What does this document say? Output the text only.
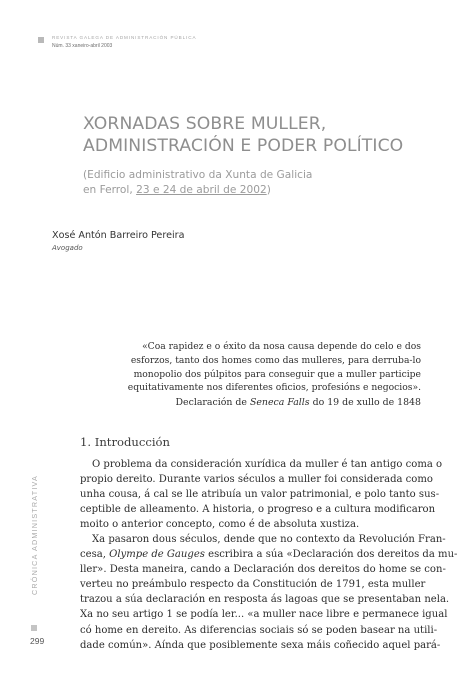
REVISTA GALEGA DE ADMINISTRACIÓN PÚBLICA
Núm. 33 xaneiro-abril 2003
XORNADAS SOBRE MULLER,
ADMINISTRACIÓN E PODER POLÍTICO
(Edificio administrativo da Xunta de Galicia
en Ferrol, 23 e 24 de abril de 2002)
Xosé Antón Barreiro Pereira
Avogado
«Coa rapidez e o éxito da nosa causa depende do celo e dos
esforzos, tanto dos homes como das mulleres, para derruba-lo
monopolio dos púlpitos para conseguir que a muller participe
equitativamente nos diferentes oficios, profesións e negocios».
Declaración de Seneca Falls do 19 de xullo de 1848
1. Introducción
O problema da consideración xurídica da muller é tan antigo coma o
propio dereito. Durante varios séculos a muller foi considerada como
unha cousa, á cal se lle atribuía un valor patrimonial, e polo tanto sus-
ceptible de alleamento. A historia, o progreso e a cultura modificaron
moito o anterior concepto, como é de absoluta xustiza.
Xa pasaron dous séculos, dende que no contexto da Revolución Fran-
cesa, Olympe de Gauges escribira a súa «Declaración dos dereitos da mu-
ller». Desta maneira, cando a Declaración dos dereitos do home se con-
verteu no preámbulo respecto da Constitución de 1791, esta muller
trazou a súa declaración en resposta ás lagoas que se presentaban nela.
Xa no seu artigo 1 se podía ler... «a muller nace libre e permanece igual
có home en dereito. As diferencias sociais só se poden basear na utili-
dade común». Aínda que posiblemente sexa máis coñecido aquel pará-
CRÓNICA ADMINISTRATIVA
299
